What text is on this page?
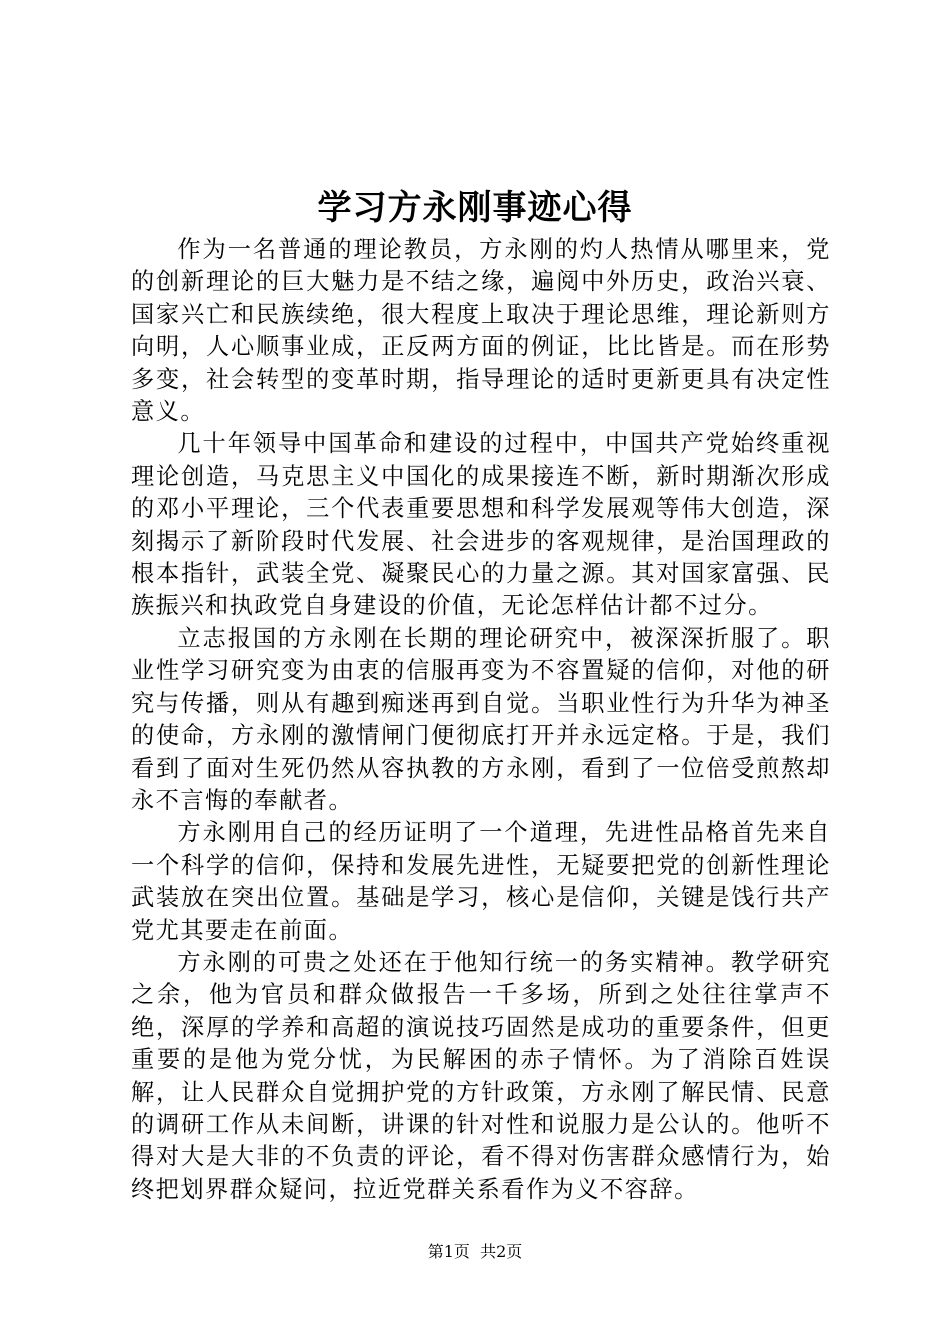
学习方永刚事迹心得

作为一名普通的理论教员，方永刚的灼人热情从哪里来，党的创新理论的巨大魅力是不结之缘，遍阅中外历史，政治兴衰、国家兴亡和民族续绝，很大程度上取决于理论思维，理论新则方向明，人心顺事业成，正反两方面的例证，比比皆是。而在形势多变，社会转型的变革时期，指导理论的适时更新更具有决定性意义。

几十年领导中国革命和建设的过程中，中国共产党始终重视理论创造，马克思主义中国化的成果接连不断，新时期渐次形成的邓小平理论，三个代表重要思想和科学发展观等伟大创造，深刻揭示了新阶段时代发展、社会进步的客观规律，是治国理政的根本指针，武装全党、凝聚民心的力量之源。其对国家富强、民族振兴和执政党自身建设的价值，无论怎样估计都不过分。

立志报国的方永刚在长期的理论研究中，被深深折服了。职业性学习研究变为由衷的信服再变为不容置疑的信仰，对他的研究与传播，则从有趣到痴迷再到自觉。当职业性行为升华为神圣的使命，方永刚的激情闸门便彻底打开并永远定格。于是，我们看到了面对生死仍然从容执教的方永刚，看到了一位倍受煎熬却永不言悔的奉献者。

方永刚用自己的经历证明了一个道理，先进性品格首先来自一个科学的信仰，保持和发展先进性，无疑要把党的创新性理论武装放在突出位置。基础是学习，核心是信仰，关键是饯行共产党尤其要走在前面。

方永刚的可贵之处还在于他知行统一的务实精神。教学研究之余，他为官员和群众做报告一千多场，所到之处往往掌声不绝，深厚的学养和高超的演说技巧固然是成功的重要条件，但更重要的是他为党分忧，为民解困的赤子情怀。为了消除百姓误解，让人民群众自觉拥护党的方针政策，方永刚了解民情、民意的调研工作从未间断，讲课的针对性和说服力是公认的。他听不得对大是大非的不负责的评论，看不得对伤害群众感情行为，始终把划界群众疑问，拉近党群关系看作为义不容辞。

第1页  共2页
